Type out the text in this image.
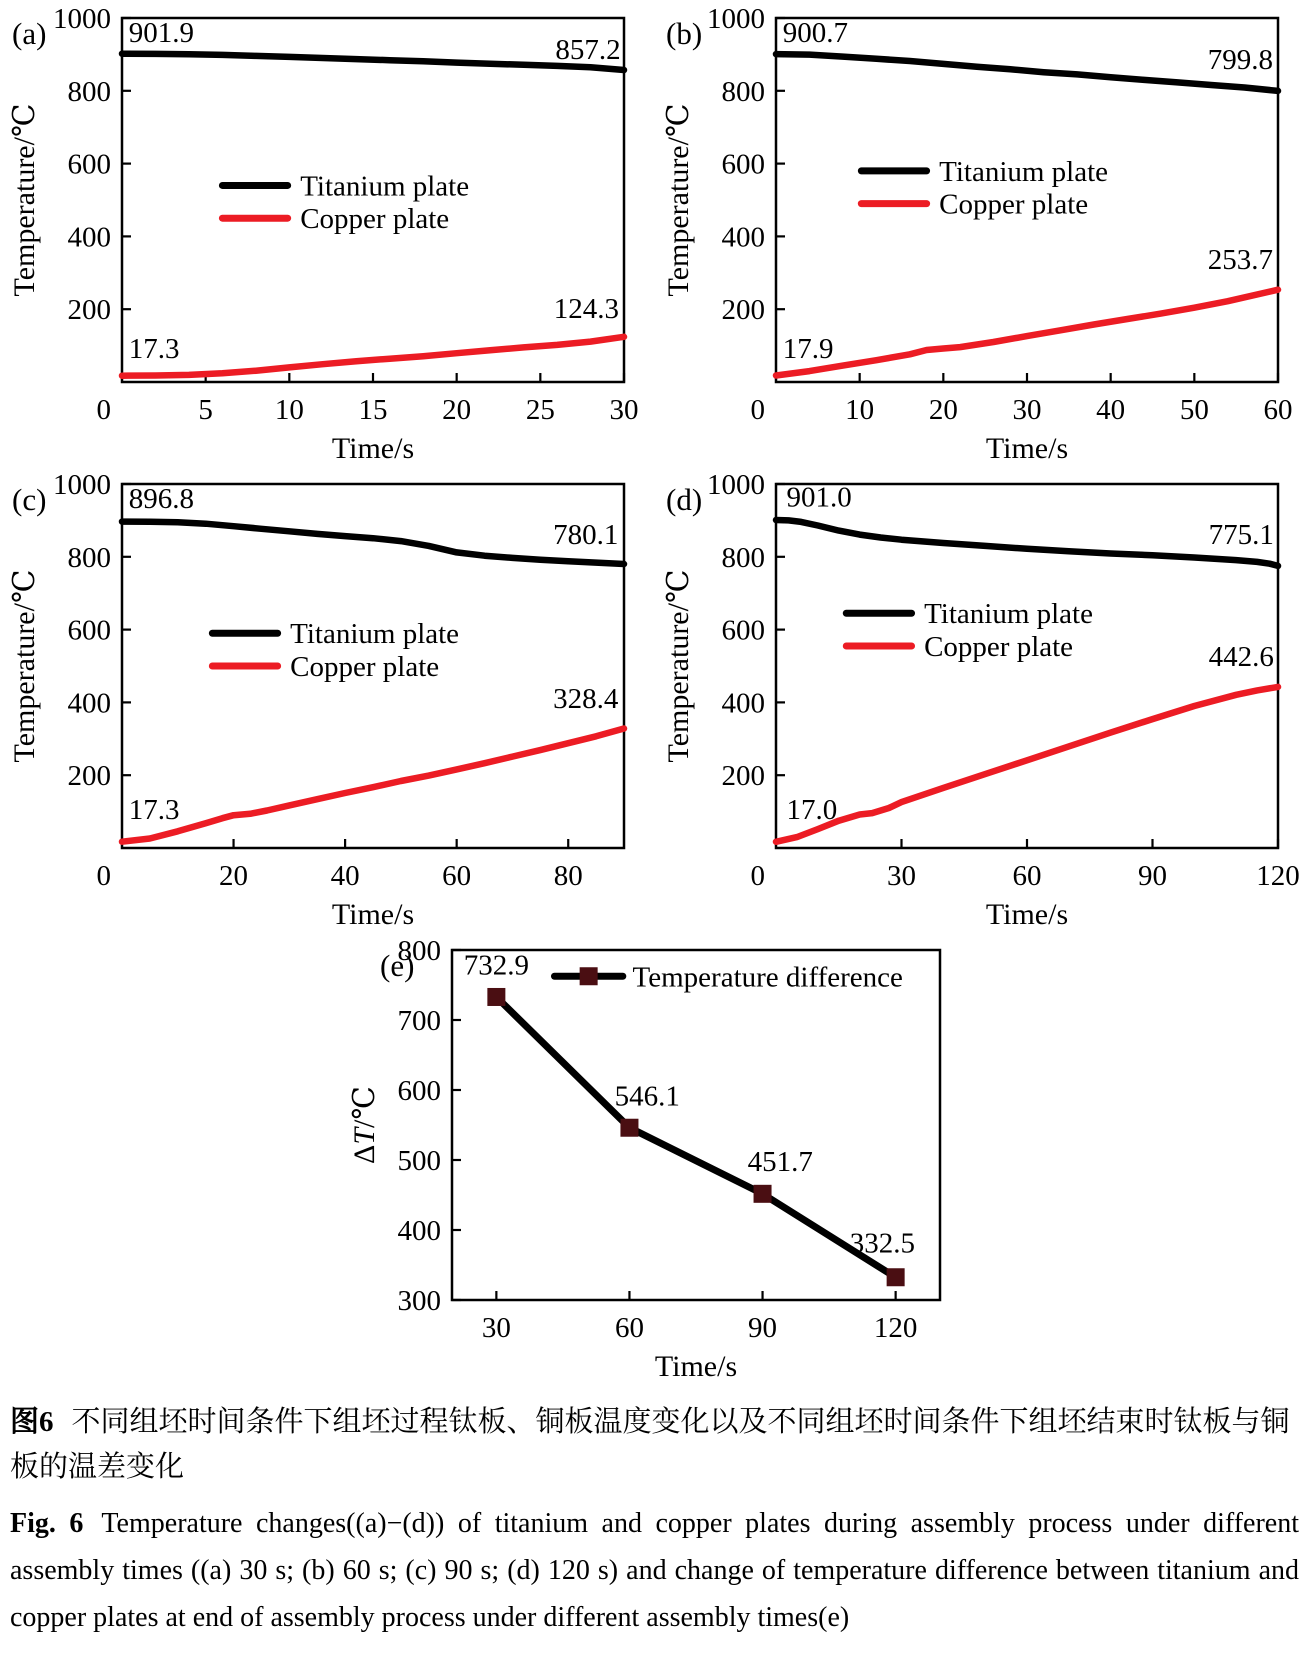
(a)
5 10 15 20 25 30
200
400
600
800
1000
0
Time/s
Temperature/℃
901.9
857.2
17.3
124.3
Titanium plate
Copper plate
(b)
10 20 30 40 50 60
200
400
600
800
1000
0
Time/s
Temperature/℃
900.7
799.8
17.9
253.7
Titanium plate
Copper plate
(c)
20	40	60	80
200
400
600
800
1000
0
Time/s
Temperature/℃
896.8
780.1
17.3
328.4
Titanium plate
Copper plate
(d)
30	60	90	120
200
400
600
800
1000
0
Time/s
Temperature/℃
901.0
775.1
17.0
442.6
Titanium plate
Copper plate
(e)
30	60	90	120
300
400
500
600
700
800
Time/s
ΔT/℃
732.9
546.1
451.7
332.5
Temperature difference

图6 不同组坯时间条件下组坯过程钛板、铜板温度变化以及不同组坯时间条件下组坯结束时钛板与铜板的温差变化

Fig. 6 Temperature changes((a)−(d)) of titanium and copper plates during assembly process under different assembly times ((a) 30 s; (b) 60 s; (c) 90 s; (d) 120 s) and change of temperature difference between titanium and copper plates at end of assembly process under different assembly times(e)
